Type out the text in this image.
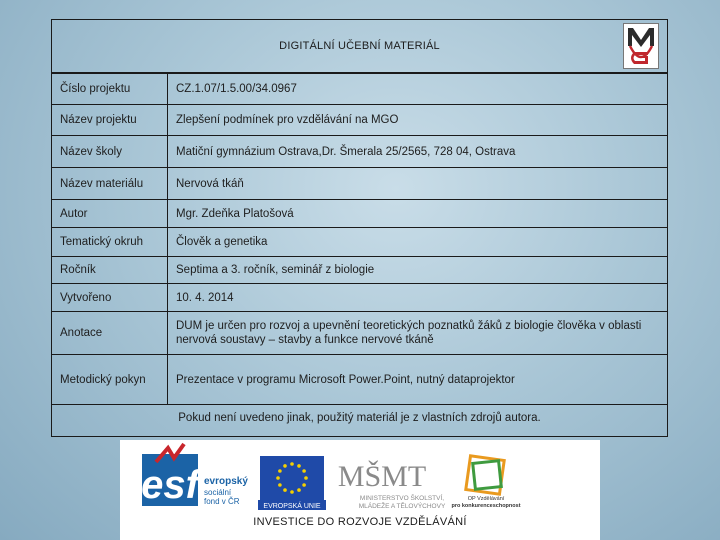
DIGITÁLNÍ UČEBNÍ MATERIÁL
Číslo projektu	CZ.1.07/1.5.00/34.0967
Název projektu	Zlepšení podmínek pro vzdělávání na MGO
Název školy	Matiční gymnázium Ostrava,Dr. Šmerala 25/2565, 728 04, Ostrava
Název materiálu	Nervová tkáň
Autor	Mgr. Zdeňka Platošová
Tematický okruh	Člověk a genetika
Ročník	Septima a 3. ročník, seminář z biologie
Vytvořeno	10. 4. 2014
Anotace	DUM je určen pro rozvoj a upevnění teoretických poznatků žáků z biologie člověka v oblasti nervová soustavy – stavby a funkce nervové tkáně
Metodický pokyn	Prezentace v programu Microsoft Power.Point, nutný dataprojektor
Pokud není uvedeno jinak, použitý materiál je z vlastních zdrojů autora.
esf evropský
sociální
fond v ČR
EVROPSKÁ UNIE
MŠMT
MINISTERSTVO ŠKOLSTVÍ,
MLÁDEŽE A TĚLOVÝCHOVY
OP Vzdělávání
pro konkurenceschopnost
INVESTICE DO ROZVOJE VZDĚLÁVÁNÍ
